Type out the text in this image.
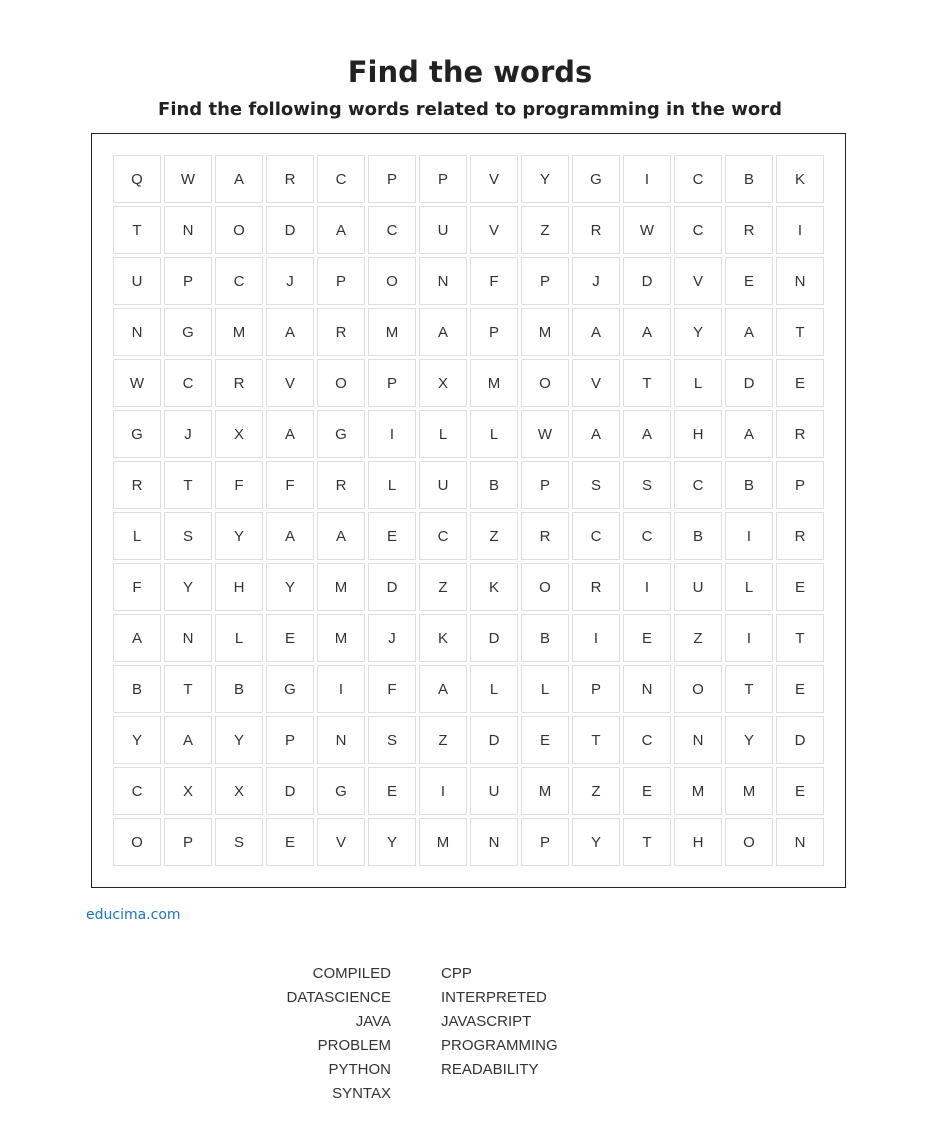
Find the words
Find the following words related to programming in the word
Q	W	A	R	C	P	P	V	Y	G	I	C	B	K
T	N	O	D	A	C	U	V	Z	R	W	C	R	I
U	P	C	J	P	O	N	F	P	J	D	V	E	N
N	G	M	A	R	M	A	P	M	A	A	Y	A	T
W	C	R	V	O	P	X	M	O	V	T	L	D	E
G	J	X	A	G	I	L	L	W	A	A	H	A	R
R	T	F	F	R	L	U	B	P	S	S	C	B	P
L	S	Y	A	A	E	C	Z	R	C	C	B	I	R
F	Y	H	Y	M	D	Z	K	O	R	I	U	L	E
A	N	L	E	M	J	K	D	B	I	E	Z	I	T
B	T	B	G	I	F	A	L	L	P	N	O	T	E
Y	A	Y	P	N	S	Z	D	E	T	C	N	Y	D
C	X	X	D	G	E	I	U	M	Z	E	M	M	E
O	P	S	E	V	Y	M	N	P	Y	T	H	O	N
educima.com
COMPILED
DATASCIENCE
JAVA
PROBLEM
PYTHON
SYNTAX
CPP
INTERPRETED
JAVASCRIPT
PROGRAMMING
READABILITY
